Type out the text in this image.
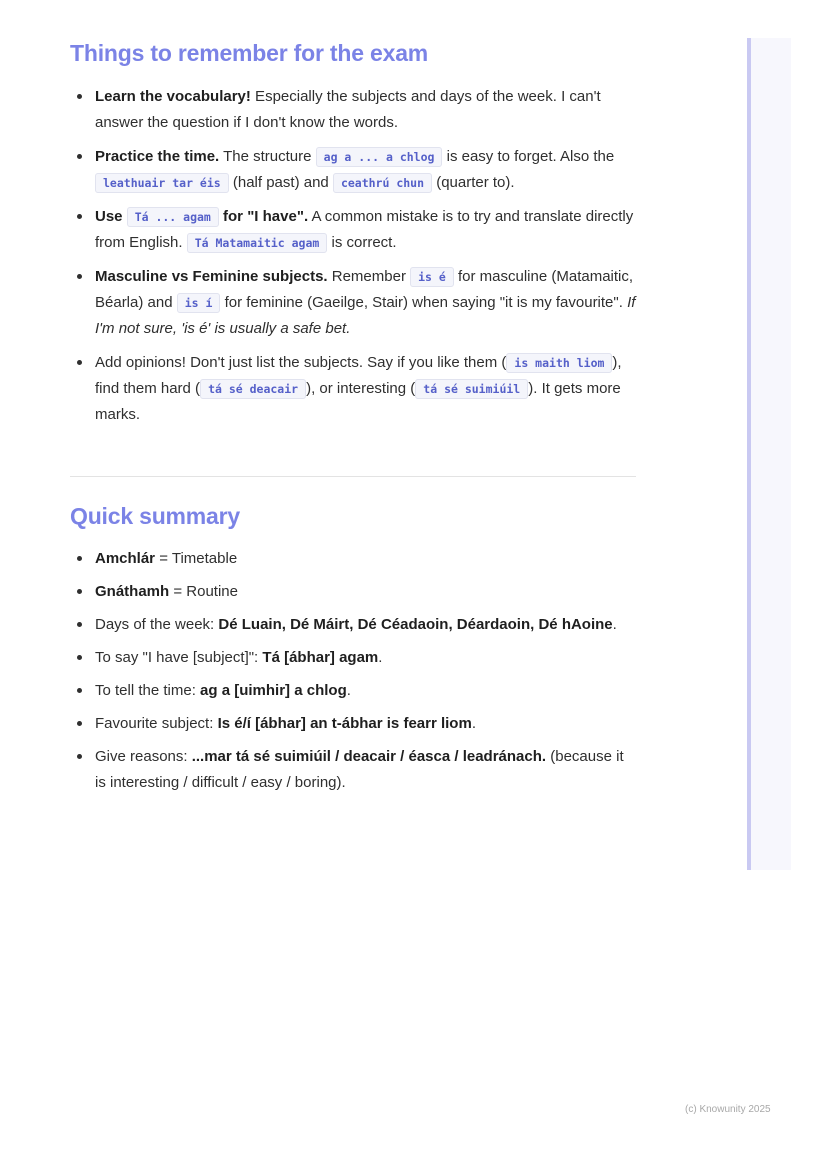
Things to remember for the exam
Learn the vocabulary! Especially the subjects and days of the week. I can't answer the question if I don't know the words.
Practice the time. The structure ag a ... a chlog is easy to forget. Also the leathuair tar éis (half past) and ceathrú chun (quarter to).
Use Tá ... agam for "I have". A common mistake is to try and translate directly from English. Tá Matamaitic agam is correct.
Masculine vs Feminine subjects. Remember is é for masculine (Matamaitic, Béarla) and is í for feminine (Gaeilge, Stair) when saying "it is my favourite". If I'm not sure, 'is é' is usually a safe bet.
Add opinions! Don't just list the subjects. Say if you like them ( is maith liom ), find them hard ( tá sé deacair ), or interesting ( tá sé suimiúil ). It gets more marks.
Quick summary
Amchlár = Timetable
Gnáthamh = Routine
Days of the week: Dé Luain, Dé Máirt, Dé Céadaoin, Déardaoin, Dé hAoine.
To say "I have [subject]": Tá [ábhar] agam.
To tell the time: ag a [uimhir] a chlog.
Favourite subject: Is é/í [ábhar] an t-ábhar is fearr liom.
Give reasons: ...mar tá sé suimiúil / deacair / éasca / leadránach. (because it is interesting / difficult / easy / boring).
(c) Knowunity 2025
